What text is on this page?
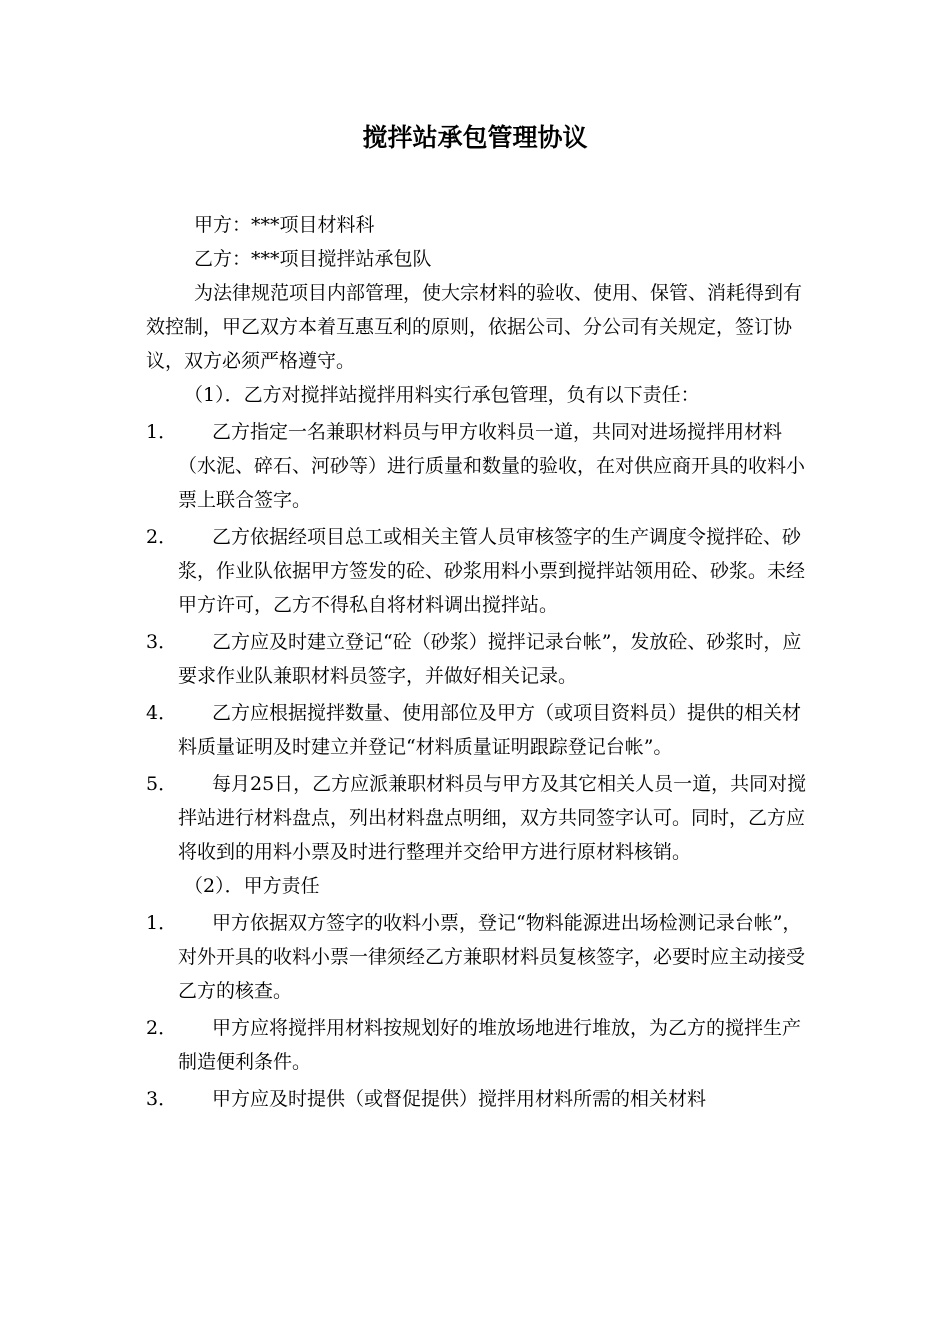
搅拌站承包管理协议

甲方：***项目材料科

乙方：***项目搅拌站承包队

为法律规范项目内部管理，使大宗材料的验收、使用、保管、消耗得到有效控制，甲乙双方本着互惠互利的原则，依据公司、分公司有关规定，签订协议，双方必须严格遵守。

（1）．乙方对搅拌站搅拌用料实行承包管理，负有以下责任：

1． 乙方指定一名兼职材料员与甲方收料员一道，共同对进场搅拌用材料（水泥、碎石、河砂等）进行质量和数量的验收，在对供应商开具的收料小票上联合签字。
2． 乙方依据经项目总工或相关主管人员审核签字的生产调度令搅拌砼、砂浆，作业队依据甲方签发的砼、砂浆用料小票到搅拌站领用砼、砂浆。未经甲方许可，乙方不得私自将材料调出搅拌站。
3． 乙方应及时建立登记“砼（砂浆）搅拌记录台帐”，发放砼、砂浆时，应要求作业队兼职材料员签字，并做好相关记录。
4． 乙方应根据搅拌数量、使用部位及甲方（或项目资料员）提供的相关材料质量证明及时建立并登记“材料质量证明跟踪登记台帐”。
5． 每月25日，乙方应派兼职材料员与甲方及其它相关人员一道，共同对搅拌站进行材料盘点，列出材料盘点明细，双方共同签字认可。同时，乙方应将收到的用料小票及时进行整理并交给甲方进行原材料核销。

（2）．甲方责任

1． 甲方依据双方签字的收料小票，登记“物料能源进出场检测记录台帐”，对外开具的收料小票一律须经乙方兼职材料员复核签字，必要时应主动接受乙方的核查。
2． 甲方应将搅拌用材料按规划好的堆放场地进行堆放，为乙方的搅拌生产制造便利条件。
3． 甲方应及时提供（或督促提供）搅拌用材料所需的相关材料
